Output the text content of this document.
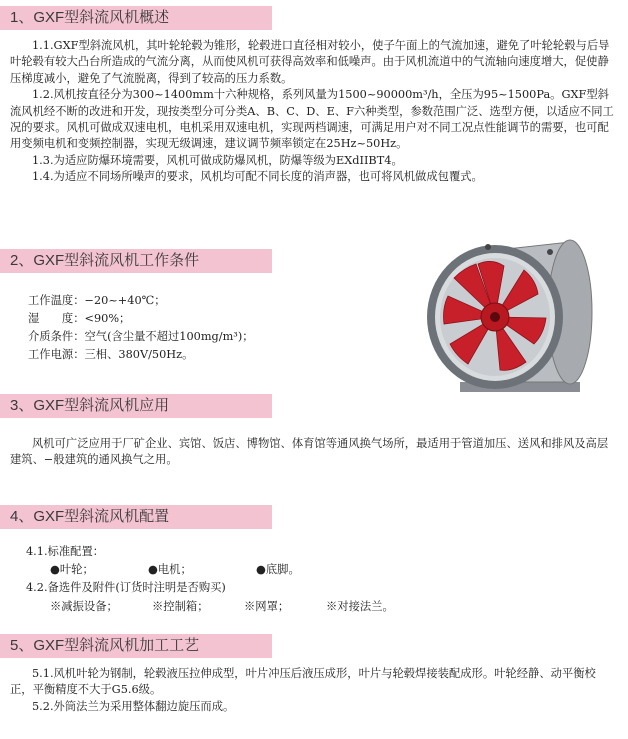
1、GXF型斜流风机概述

1.1.GXF型斜流风机，其叶轮轮毂为锥形，轮毂进口直径相对较小，使子午面上的气流加速，避免了叶轮轮毂与后导叶轮毂有较大凸台所造成的气流分离，从而使风机可获得高效率和低噪声。由于风机流道中的气流轴向速度增大，促使静压梯度减小，避免了气流脱离，得到了较高的压力系数。

1.2.风机按直径分为300~1400mm十六种规格，系列风量为1500~90000m³/h，全压为95~1500Pa。GXF型斜流风机经不断的改进和开发，现按类型分可分类A、B、C、D、E、F六种类型，参数范围广泛、选型方便，以适应不同工况的要求。风机可做成双速电机，电机采用双速电机，实现两档调速，可满足用户对不同工况点性能调节的需要，也可配用变频电机和变频控制器，实现无级调速，建议调节频率锁定在25Hz~50Hz。

1.3.为适应防爆环境需要，风机可做成防爆风机，防爆等级为EXdIIBT4。

1.4.为适应不同场所噪声的要求，风机均可配不同长度的消声器，也可将风机做成包覆式。

2、GXF型斜流风机工作条件
工作温度：−20~+40℃；
湿　　度：<90%；
介质条件：空气(含尘量不超过100mg/m³)；
工作电源：三相、380V/50Hz。
3、GXF型斜流风机应用
风机可广泛应用于厂矿企业、宾馆、饭店、博物馆、体育馆等通风换气场所，最适用于管道加压、送风和排风及高层建筑、−般建筑的通风换气之用。
4、GXF型斜流风机配置
4.1.标准配置：
●叶轮；	●电机；	●底脚。
4.2.备选件及附件(订货时注明是否购买)
※减振设备；	※控制箱；	※网罩；	※对接法兰。
5、GXF型斜流风机加工工艺

5.1.风机叶轮为钢制，轮毂液压拉伸成型，叶片冲压后液压成形，叶片与轮毂焊接装配成形。叶轮经静、动平衡校正，平衡精度不大于G5.6级。

5.2.外筒法兰为采用整体翻边旋压而成。
